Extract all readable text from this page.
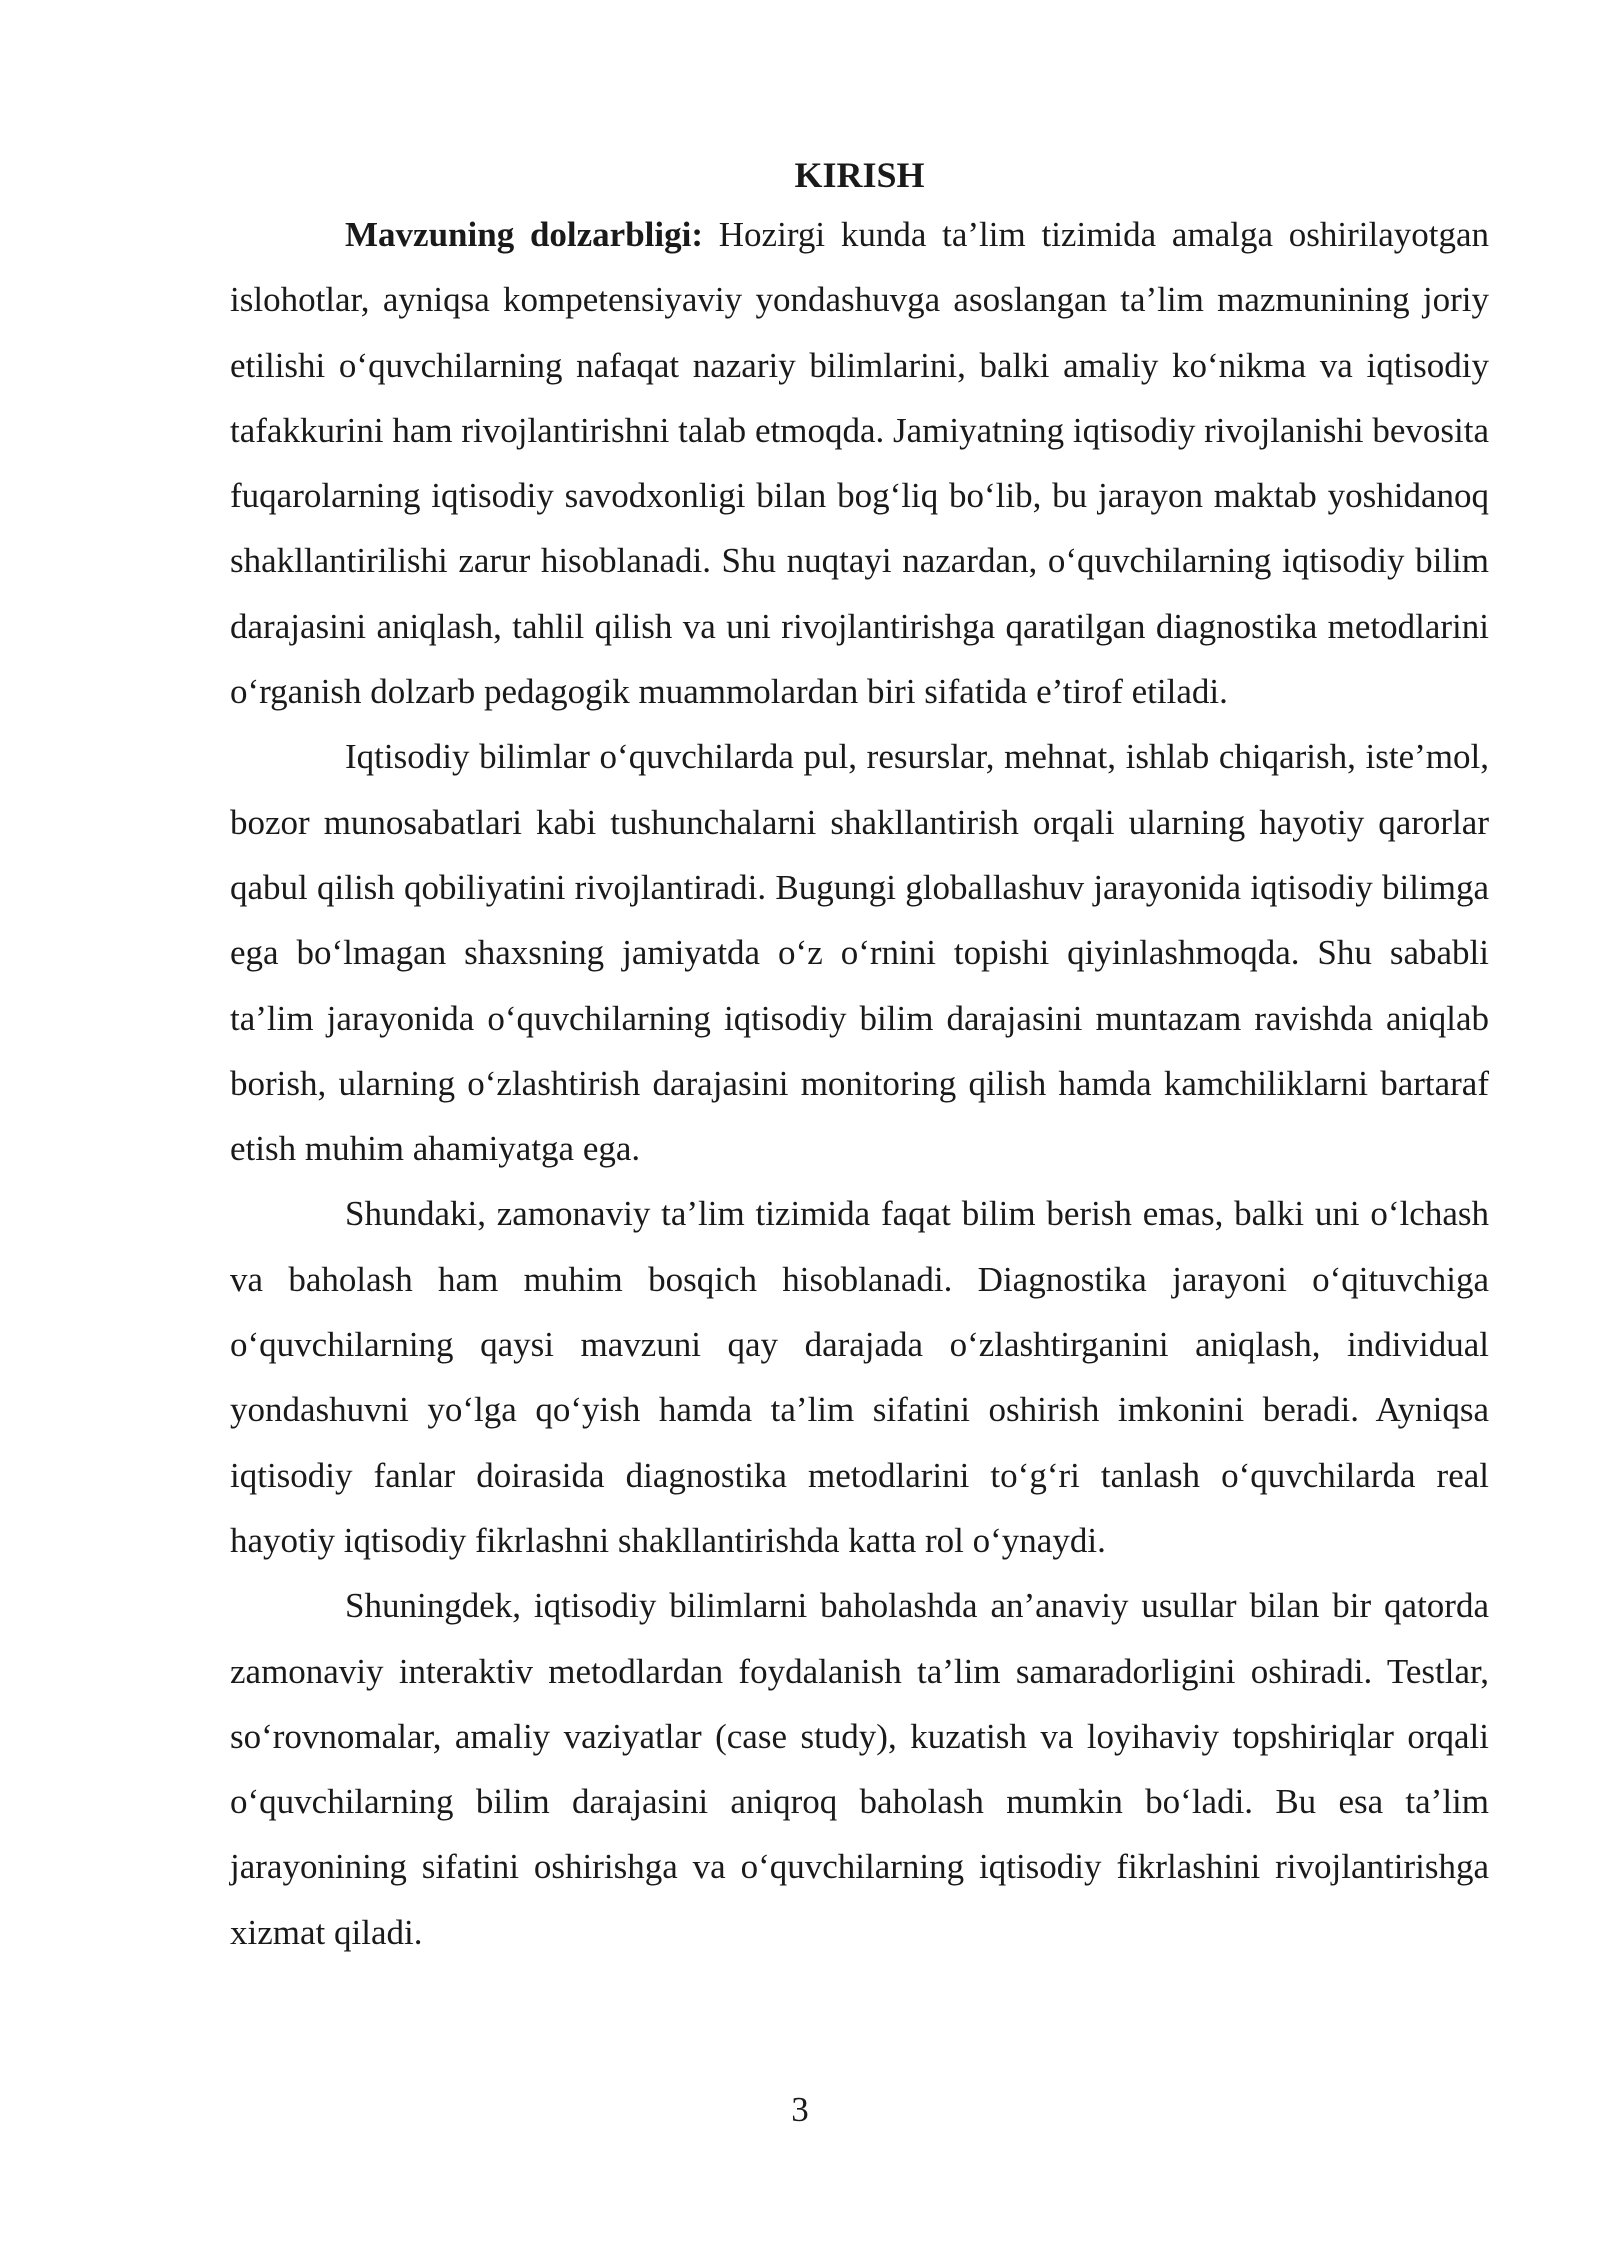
KIRISH

Mavzuning dolzarbligi: Hozirgi kunda ta’lim tizimida amalga oshirilayotgan islohotlar, ayniqsa kompetensiyaviy yondashuvga asoslangan ta’lim mazmunining joriy etilishi o‘quvchilarning nafaqat nazariy bilimlarini, balki amaliy ko‘nikma va iqtisodiy tafakkurini ham rivojlantirishni talab etmoqda. Jamiyatning iqtisodiy rivojlanishi bevosita fuqarolarning iqtisodiy savodxonligi bilan bog‘liq bo‘lib, bu jarayon maktab yoshidanoq shakllantirilishi zarur hisoblanadi. Shu nuqtayi nazardan, o‘quvchilarning iqtisodiy bilim darajasini aniqlash, tahlil qilish va uni rivojlantirishga qaratilgan diagnostika metodlarini o‘rganish dolzarb pedagogik muammolardan biri sifatida e’tirof etiladi.

Iqtisodiy bilimlar o‘quvchilarda pul, resurslar, mehnat, ishlab chiqarish, iste’mol, bozor munosabatlari kabi tushunchalarni shakllantirish orqali ularning hayotiy qarorlar qabul qilish qobiliyatini rivojlantiradi. Bugungi globallashuv jarayonida iqtisodiy bilimga ega bo‘lmagan shaxsning jamiyatda o‘z o‘rnini topishi qiyinlashmoqda. Shu sababli ta’lim jarayonida o‘quvchilarning iqtisodiy bilim darajasini muntazam ravishda aniqlab borish, ularning o‘zlashtirish darajasini monitoring qilish hamda kamchiliklarni bartaraf etish muhim ahamiyatga ega.

Shundaki, zamonaviy ta’lim tizimida faqat bilim berish emas, balki uni o‘lchash va baholash ham muhim bosqich hisoblanadi. Diagnostika jarayoni o‘qituvchiga o‘quvchilarning qaysi mavzuni qay darajada o‘zlashtirganini aniqlash, individual yondashuvni yo‘lga qo‘yish hamda ta’lim sifatini oshirish imkonini beradi. Ayniqsa iqtisodiy fanlar doirasida diagnostika metodlarini to‘g‘ri tanlash o‘quvchilarda real hayotiy iqtisodiy fikrlashni shakllantirishda katta rol o‘ynaydi.

Shuningdek, iqtisodiy bilimlarni baholashda an’anaviy usullar bilan bir qatorda zamonaviy interaktiv metodlardan foydalanish ta’lim samaradorligini oshiradi. Testlar, so‘rovnomalar, amaliy vaziyatlar (case study), kuzatish va loyihaviy topshiriqlar orqali o‘quvchilarning bilim darajasini aniqroq baholash mumkin bo‘ladi. Bu esa ta’lim jarayonining sifatini oshirishga va o‘quvchilarning iqtisodiy fikrlashini rivojlantirishga xizmat qiladi.

3
